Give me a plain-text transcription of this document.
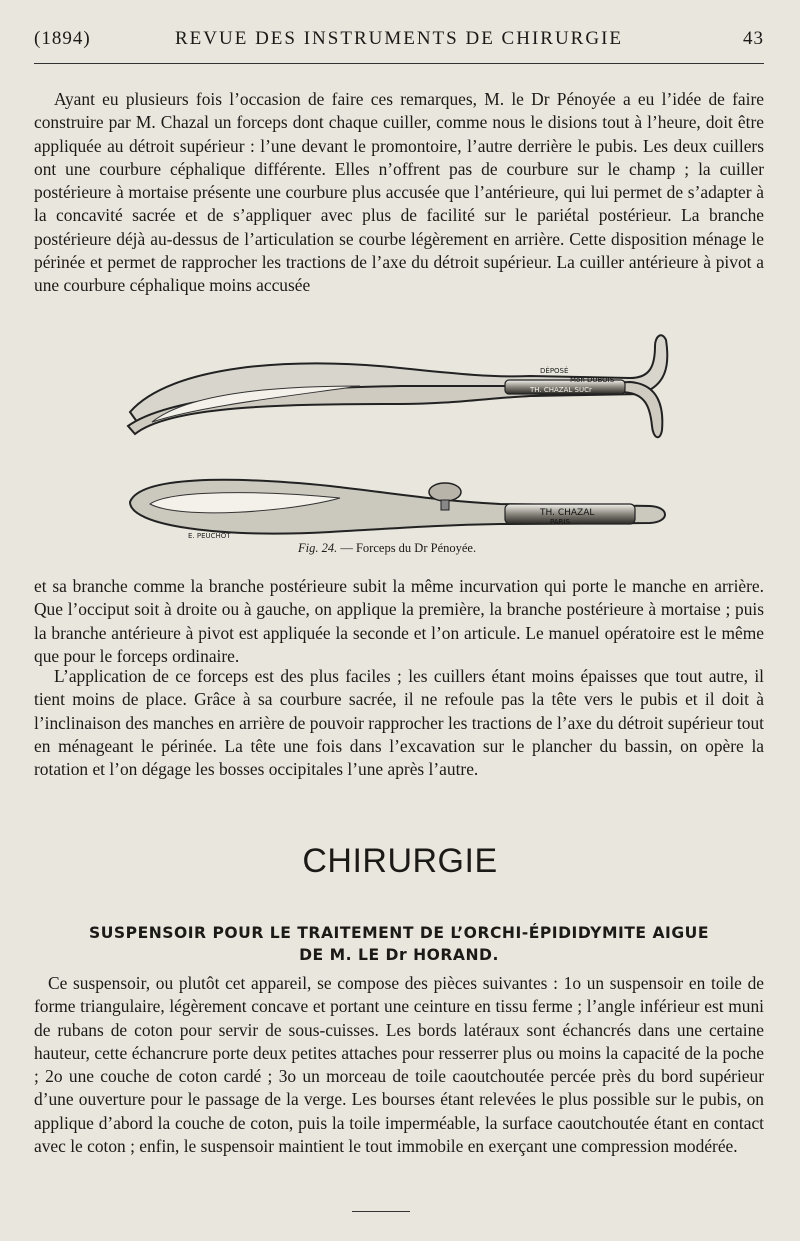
(1894)	REVUE DES INSTRUMENTS DE CHIRURGIE	43

Ayant eu plusieurs fois l’occasion de faire ces remarques, M. le Dr Pénoyée a eu l’idée de faire construire par M. Chazal un forceps dont chaque cuiller, comme nous le disions tout à l’heure, doit être appliquée au détroit supérieur : l’une devant le promontoire, l’autre derrière le pubis. Les deux cuillers ont une courbure céphalique différente. Elles n’offrent pas de courbure sur le champ ; la cuiller postérieure à mortaise présente une courbure plus accusée que l’antérieure, qui lui permet de s’adapter à la concavité sacrée et de s’appliquer avec plus de facilité sur le pariétal postérieur. La branche postérieure déjà au-dessus de l’articulation se courbe légèrement en arrière. Cette disposition ménage le périnée et permet de rapprocher les tractions de l’axe du détroit supérieur. La cuiller antérieure à pivot a une courbure céphalique moins accusée

DÉPOSÉ
Mon DUBOIS
TH. CHAZAL SUCr
TH. CHAZAL
PARIS
E. PEUCHOT
Fig. 24. — Forceps du Dr Pénoyée.

et sa branche comme la branche postérieure subit la même incurvation qui porte le manche en arrière. Que l’occiput soit à droite ou à gauche, on applique la première, la branche postérieure à mortaise ; puis la branche antérieure à pivot est appliquée la seconde et l’on articule. Le manuel opératoire est le même que pour le forceps ordinaire.

L’application de ce forceps est des plus faciles ; les cuillers étant moins épaisses que tout autre, il tient moins de place. Grâce à sa courbure sacrée, il ne refoule pas la tête vers le pubis et il doit à l’inclinaison des manches en arrière de pouvoir rapprocher les tractions de l’axe du détroit supérieur tout en ménageant le périnée. La tête une fois dans l’excavation sur le plancher du bassin, on opère la rotation et l’on dégage les bosses occipitales l’une après l’autre.

CHIRURGIE
SUSPENSOIR POUR LE TRAITEMENT DE L’ORCHI-ÉPIDIDYMITE AIGUE
DE M. LE Dr HORAND.

Ce suspensoir, ou plutôt cet appareil, se compose des pièces suivantes : 1o un suspensoir en toile de forme triangulaire, légèrement concave et portant une ceinture en tissu ferme ; l’angle inférieur est muni de rubans de coton pour servir de sous-cuisses. Les bords latéraux sont échancrés dans une certaine hauteur, cette échancrure porte deux petites attaches pour resserrer plus ou moins la capacité de la poche ; 2o une couche de coton cardé ; 3o un morceau de toile caoutchoutée percée près du bord supérieur d’une ouverture pour le passage de la verge. Les bourses étant relevées le plus possible sur le pubis, on applique d’abord la couche de coton, puis la toile imperméable, la surface caoutchoutée étant en contact avec le coton ; enfin, le suspensoir maintient le tout immobile en exerçant une compression modérée.
